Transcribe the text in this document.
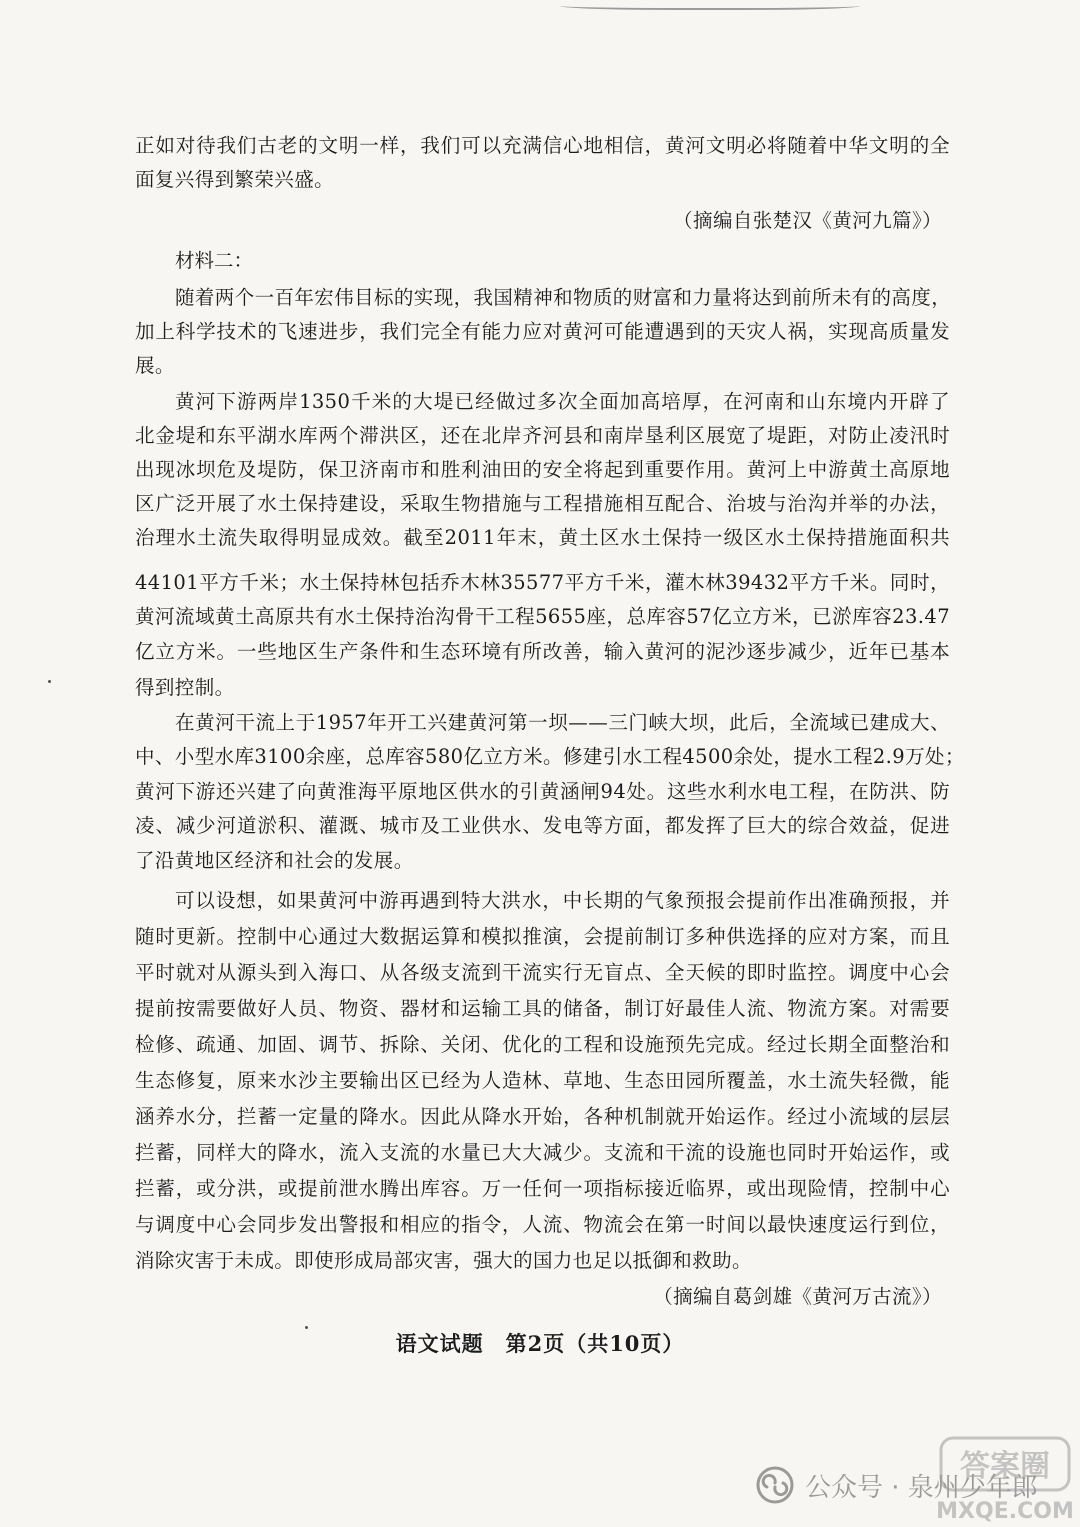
正如对待我们古老的文明一样，我们可以充满信心地相信，黄河文明必将随着中华文明的全
面复兴得到繁荣兴盛。
（摘编自张楚汉《黄河九篇》）
材料二：
随着两个一百年宏伟目标的实现，我国精神和物质的财富和力量将达到前所未有的高度，
加上科学技术的飞速进步，我们完全有能力应对黄河可能遭遇到的天灾人祸，实现高质量发
展。
黄河下游两岸1350千米的大堤已经做过多次全面加高培厚，在河南和山东境内开辟了
北金堤和东平湖水库两个滞洪区，还在北岸齐河县和南岸垦利区展宽了堤距，对防止凌汛时
出现冰坝危及堤防，保卫济南市和胜利油田的安全将起到重要作用。黄河上中游黄土高原地
区广泛开展了水土保持建设，采取生物措施与工程措施相互配合、治坡与治沟并举的办法，
治理水土流失取得明显成效。截至2011年末，黄土区水土保持一级区水土保持措施面积共
44101平方千米；水土保持林包括乔木林35577平方千米，灌木林39432平方千米。同时，
黄河流域黄土高原共有水土保持治沟骨干工程5655座，总库容57亿立方米，已淤库容23.47
亿立方米。一些地区生产条件和生态环境有所改善，输入黄河的泥沙逐步减少，近年已基本
得到控制。
在黄河干流上于1957年开工兴建黄河第一坝——三门峡大坝，此后，全流域已建成大、
中、小型水库3100余座，总库容580亿立方米。修建引水工程4500余处，提水工程2.9万处；
黄河下游还兴建了向黄淮海平原地区供水的引黄涵闸94处。这些水利水电工程，在防洪、防
凌、减少河道淤积、灌溉、城市及工业供水、发电等方面，都发挥了巨大的综合效益，促进
了沿黄地区经济和社会的发展。
可以设想，如果黄河中游再遇到特大洪水，中长期的气象预报会提前作出准确预报，并
随时更新。控制中心通过大数据运算和模拟推演，会提前制订多种供选择的应对方案，而且
平时就对从源头到入海口、从各级支流到干流实行无盲点、全天候的即时监控。调度中心会
提前按需要做好人员、物资、器材和运输工具的储备，制订好最佳人流、物流方案。对需要
检修、疏通、加固、调节、拆除、关闭、优化的工程和设施预先完成。经过长期全面整治和
生态修复，原来水沙主要输出区已经为人造林、草地、生态田园所覆盖，水土流失轻微，能
涵养水分，拦蓄一定量的降水。因此从降水开始，各种机制就开始运作。经过小流域的层层
拦蓄，同样大的降水，流入支流的水量已大大减少。支流和干流的设施也同时开始运作，或
拦蓄，或分洪，或提前泄水腾出库容。万一任何一项指标接近临界，或出现险情，控制中心
与调度中心会同步发出警报和相应的指令，人流、物流会在第一时间以最快速度运行到位，
消除灾害于未成。即使形成局部灾害，强大的国力也足以抵御和救助。
（摘编自葛剑雄《黄河万古流》）
语文试题　第2页（共10页）
公众号 · 泉州少年郎
答案圈
MXQE.COM
